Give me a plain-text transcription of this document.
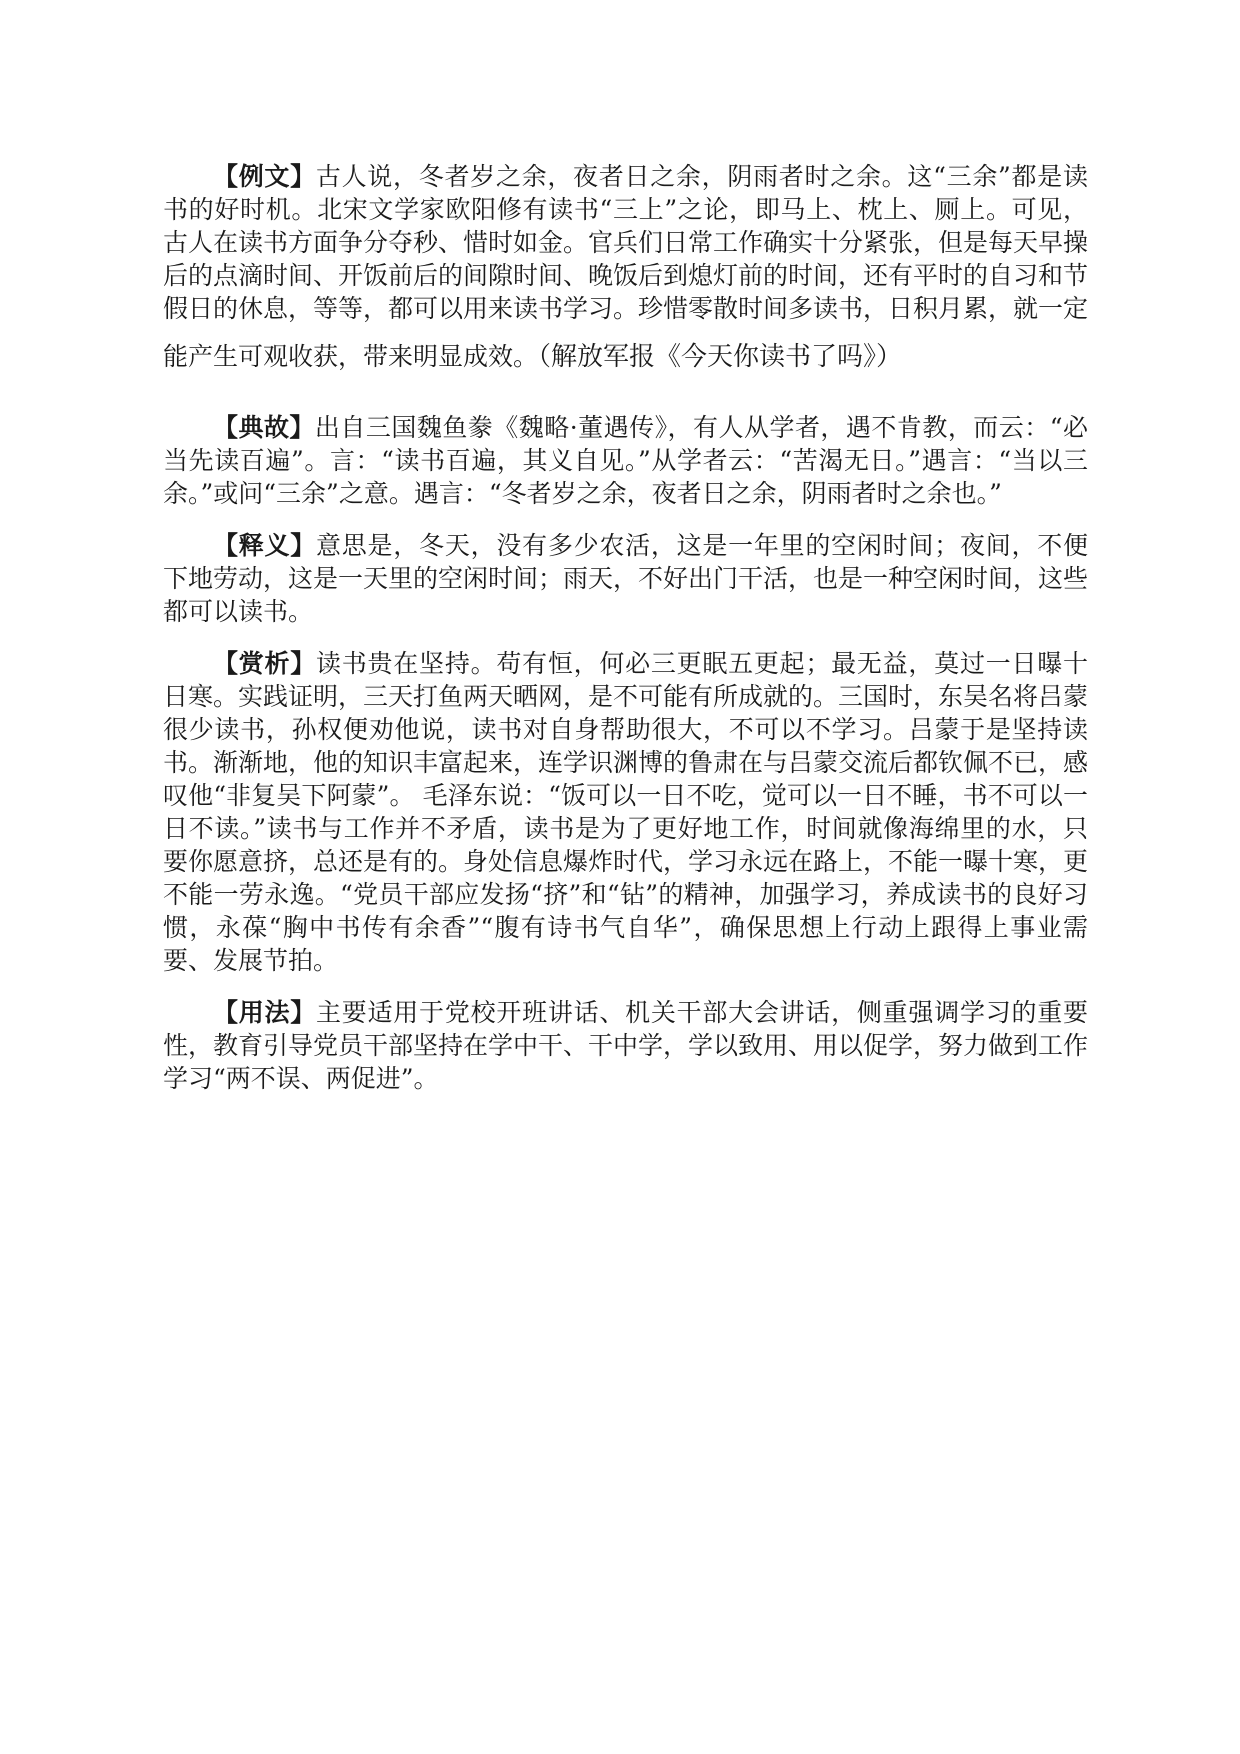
【例文】古人说，冬者岁之余，夜者日之余，阴雨者时之余。这“三余”都是读书的好时机。北宋文学家欧阳修有读书“三上”之论，即马上、枕上、厕上。可见，古人在读书方面争分夺秒、惜时如金。官兵们日常工作确实十分紧张，但是每天早操后的点滴时间、开饭前后的间隙时间、晚饭后到熄灯前的时间，还有平时的自习和节假日的休息，等等，都可以用来读书学习。珍惜零散时间多读书，日积月累，就一定
能产生可观收获，带来明显成效。（解放军报《今天你读书了吗》）

【典故】出自三国魏鱼豢《魏略·董遇传》，有人从学者，遇不肯教，而云：“必当先读百遍”。言：“读书百遍，其义自见。”从学者云：“苦渴无日。”遇言：“当以三余。”或问“三余”之意。遇言：“冬者岁之余，夜者日之余，阴雨者时之余也。”

【释义】意思是，冬天，没有多少农活，这是一年里的空闲时间；夜间，不便下地劳动，这是一天里的空闲时间；雨天，不好出门干活，也是一种空闲时间，这些都可以读书。

【赏析】读书贵在坚持。苟有恒，何必三更眠五更起；最无益，莫过一日曝十日寒。实践证明，三天打鱼两天晒网，是不可能有所成就的。三国时，东吴名将吕蒙很少读书，孙权便劝他说，读书对自身帮助很大，不可以不学习。吕蒙于是坚持读书。渐渐地，他的知识丰富起来，连学识渊博的鲁肃在与吕蒙交流后都钦佩不已，感叹他“非复吴下阿蒙”。 毛泽东说：“饭可以一日不吃，觉可以一日不睡，书不可以一日不读。”读书与工作并不矛盾，读书是为了更好地工作，时间就像海绵里的水，只要你愿意挤，总还是有的。身处信息爆炸时代，学习永远在路上，不能一曝十寒，更不能一劳永逸。“党员干部应发扬“挤”和“钻”的精神，加强学习，养成读书的良好习惯，永葆“胸中书传有余香”“腹有诗书气自华”，确保思想上行动上跟得上事业需要、发展节拍。

【用法】主要适用于党校开班讲话、机关干部大会讲话，侧重强调学习的重要性，教育引导党员干部坚持在学中干、干中学，学以致用、用以促学，努力做到工作学习“两不误、两促进”。
